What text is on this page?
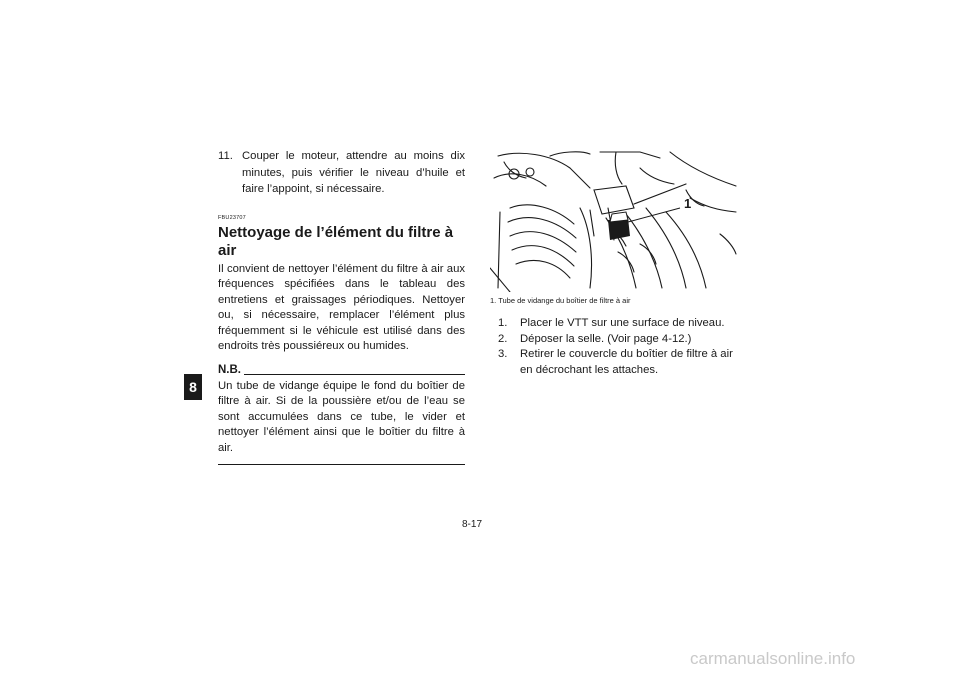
8
11. Couper le moteur, attendre au moins dix minutes, puis vérifier le niveau d’huile et faire l’appoint, si nécessaire.
FBU23707
Nettoyage de l’élément du filtre à air
Il convient de nettoyer l’élément du filtre à air aux fréquences spécifiées dans le tableau des entretiens et graissages périodiques. Nettoyer ou, si nécessaire, remplacer l’élément plus fréquemment si le véhicule est utilisé dans des endroits très poussiéreux ou humides.
N.B.
Un tube de vidange équipe le fond du boîtier de filtre à air. Si de la poussière et/ou de l’eau se sont accumulées dans ce tube, le vider et nettoyer l’élément ainsi que le boîtier du filtre à air.
1
1. Tube de vidange du boîtier de filtre à air
1.	Placer le VTT sur une surface de niveau.
2.	Déposer la selle. (Voir page 4-12.)
3.	Retirer le couvercle du boîtier de filtre à air en décrochant les attaches.
8-17
carmanualsonline.info
